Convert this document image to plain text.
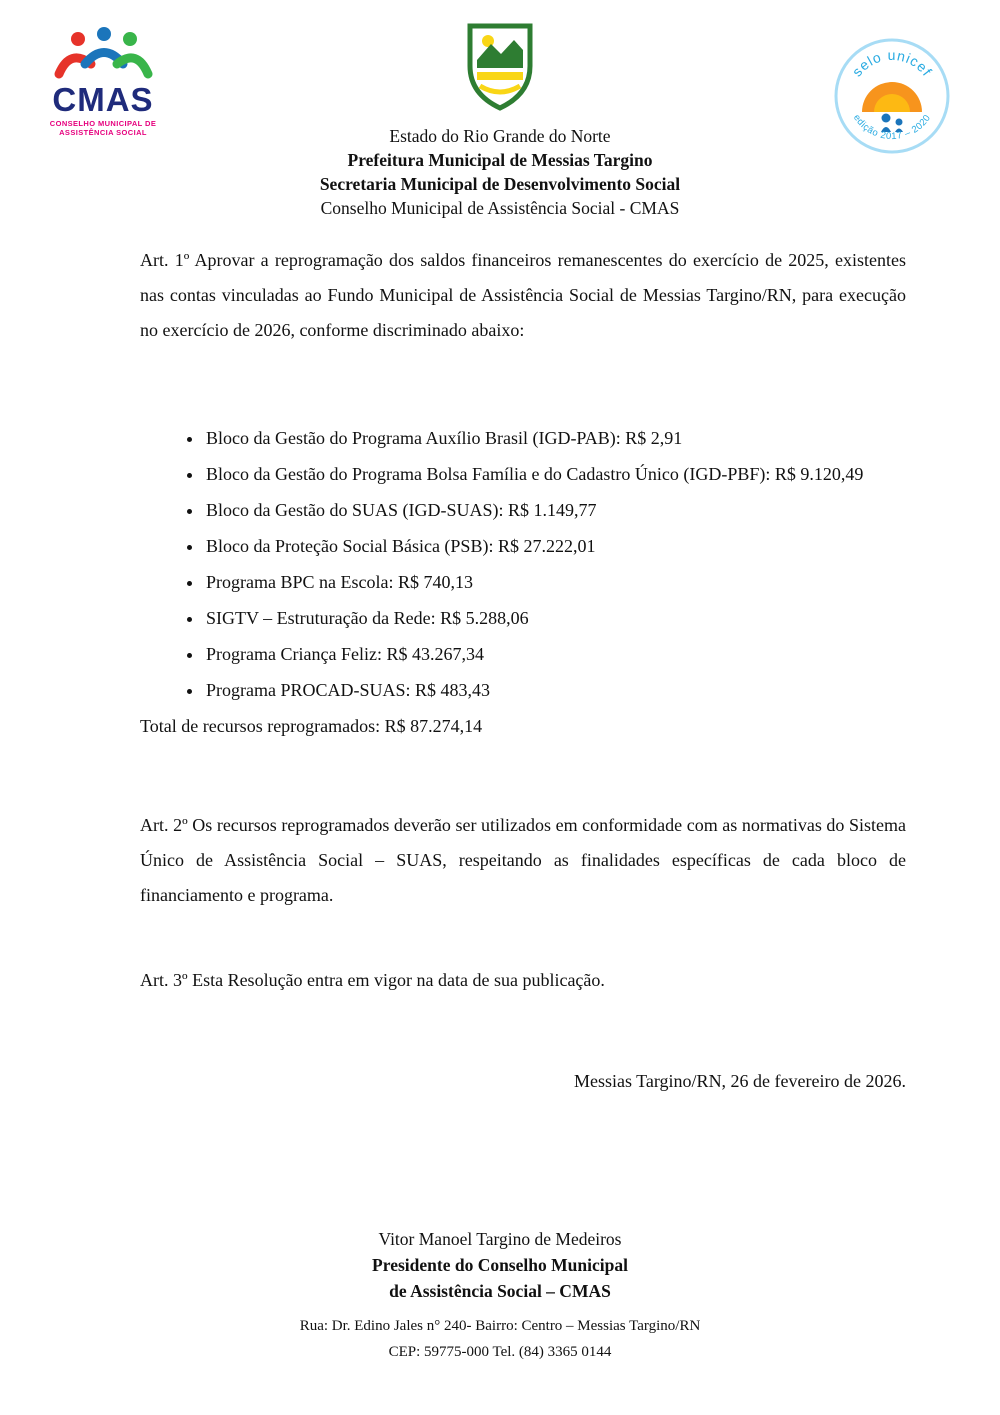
CMAS
CONSELHO MUNICIPAL DE
ASSISTÊNCIA SOCIAL
selo unicef
edição 2017 – 2020
Estado do Rio Grande do Norte
Prefeitura Municipal de Messias Targino
Secretaria Municipal de Desenvolvimento Social
Conselho Municipal de Assistência Social - CMAS

Art. 1º Aprovar a reprogramação dos saldos financeiros remanescentes do exercício de 2025, existentes nas contas vinculadas ao Fundo Municipal de Assistência Social de Messias Targino/RN, para execução no exercício de 2026, conforme discriminado abaixo:

• Bloco da Gestão do Programa Auxílio Brasil (IGD-PAB): R$ 2,91
• Bloco da Gestão do Programa Bolsa Família e do Cadastro Único (IGD-PBF): R$ 9.120,49
• Bloco da Gestão do SUAS (IGD-SUAS): R$ 1.149,77
• Bloco da Proteção Social Básica (PSB): R$ 27.222,01
• Programa BPC na Escola: R$ 740,13
• SIGTV – Estruturação da Rede: R$ 5.288,06
• Programa Criança Feliz: R$ 43.267,34
• Programa PROCAD-SUAS: R$ 483,43

Total de recursos reprogramados: R$ 87.274,14

Art. 2º Os recursos reprogramados deverão ser utilizados em conformidade com as normativas do Sistema Único de Assistência Social – SUAS, respeitando as finalidades específicas de cada bloco de financiamento e programa.

Art. 3º Esta Resolução entra em vigor na data de sua publicação.

Messias Targino/RN, 26 de fevereiro de 2026.

Vitor Manoel Targino de Medeiros
Presidente do Conselho Municipal
de Assistência Social – CMAS
Rua: Dr. Edino Jales n° 240- Bairro: Centro – Messias Targino/RN
CEP: 59775-000 Tel. (84) 3365 0144
